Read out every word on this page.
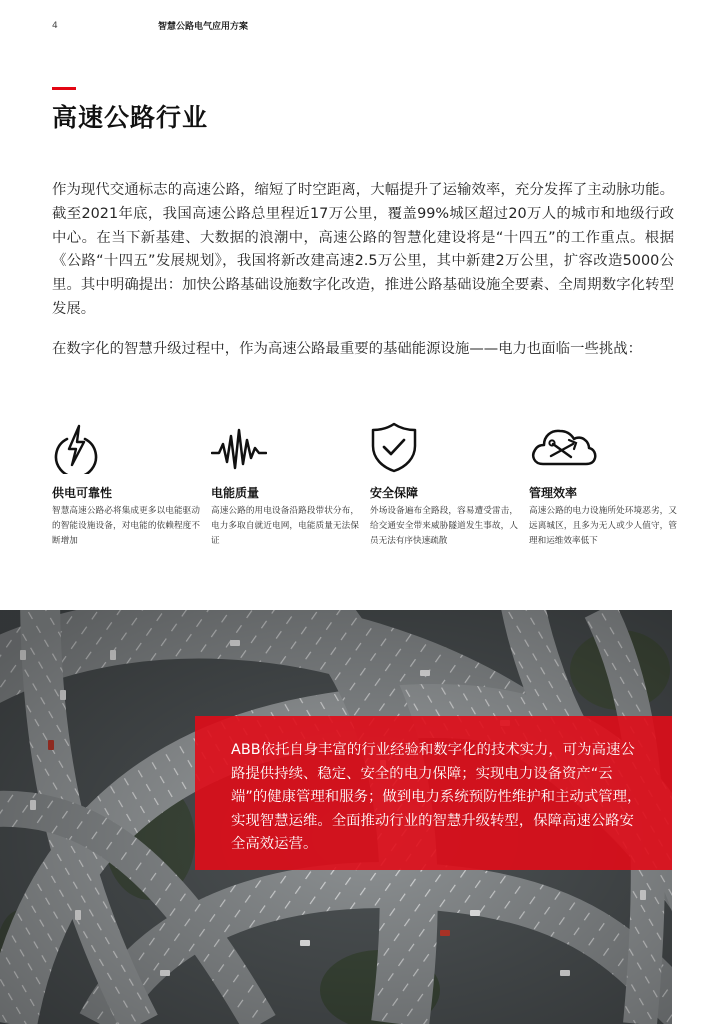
4	智慧公路电气应用方案
高速公路行业

作为现代交通标志的高速公路，缩短了时空距离，大幅提升了运输效率，充分发挥了主动脉功能。截至2021年底，我国高速公路总里程近17万公里，覆盖99%城区超过20万人的城市和地级行政中心。在当下新基建、大数据的浪潮中，高速公路的智慧化建设将是“十四五”的工作重点。根据《公路“十四五”发展规划》，我国将新改建高速2.5万公里，其中新建2万公里，扩容改造5000公里。其中明确提出：加快公路基础设施数字化改造，推进公路基础设施全要素、全周期数字化转型发展。

在数字化的智慧升级过程中，作为高速公路最重要的基础能源设施——电力也面临一些挑战：

供电可靠性
智慧高速公路必将集成更多以电能驱动的智能设施设备，对电能的依赖程度不断增加
电能质量
高速公路的用电设备沿路段带状分布，电力多取自就近电网，电能质量无法保证
安全保障
外场设备遍布全路段，容易遭受雷击，给交通安全带来威胁隧道发生事故，人员无法有序快速疏散
管理效率
高速公路的电力设施所处环境恶劣，又远离城区，且多为无人或少人值守，管理和运维效率低下

ABB依托自身丰富的行业经验和数字化的技术实力，可为高速公路提供持续、稳定、安全的电力保障；实现电力设备资产“云端”的健康管理和服务；做到电力系统预防性维护和主动式管理，实现智慧运维。全面推动行业的智慧升级转型，保障高速公路安全高效运营。
